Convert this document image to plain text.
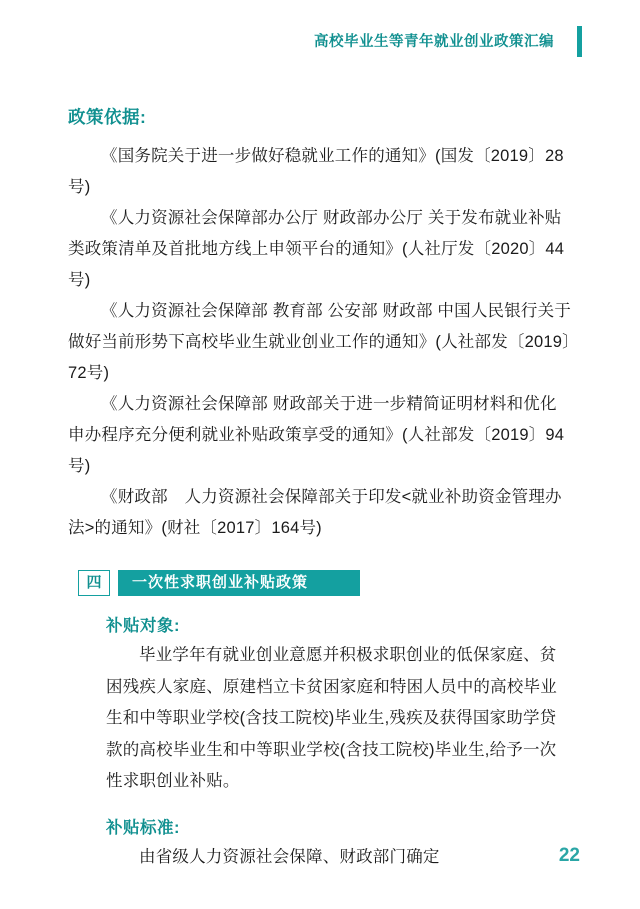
高校毕业生等青年就业创业政策汇编
政策依据:

《国务院关于进一步做好稳就业工作的通知》(国发〔2019〕28号)

《人力资源社会保障部办公厅 财政部办公厅 关于发布就业补贴类政策清单及首批地方线上申领平台的通知》(人社厅发〔2020〕44号)

《人力资源社会保障部 教育部 公安部 财政部 中国人民银行关于做好当前形势下高校毕业生就业创业工作的通知》(人社部发〔2019〕72号)

《人力资源社会保障部 财政部关于进一步精简证明材料和优化申办程序充分便利就业补贴政策享受的通知》(人社部发〔2019〕94号)

《财政部　人力资源社会保障部关于印发<就业补助资金管理办法>的通知》(财社〔2017〕164号)

四	一次性求职创业补贴政策
补贴对象:

毕业学年有就业创业意愿并积极求职创业的低保家庭、贫困残疾人家庭、原建档立卡贫困家庭和特困人员中的高校毕业生和中等职业学校(含技工院校)毕业生,残疾及获得国家助学贷款的高校毕业生和中等职业学校(含技工院校)毕业生,给予一次性求职创业补贴。

补贴标准:

由省级人力资源社会保障、财政部门确定	22
